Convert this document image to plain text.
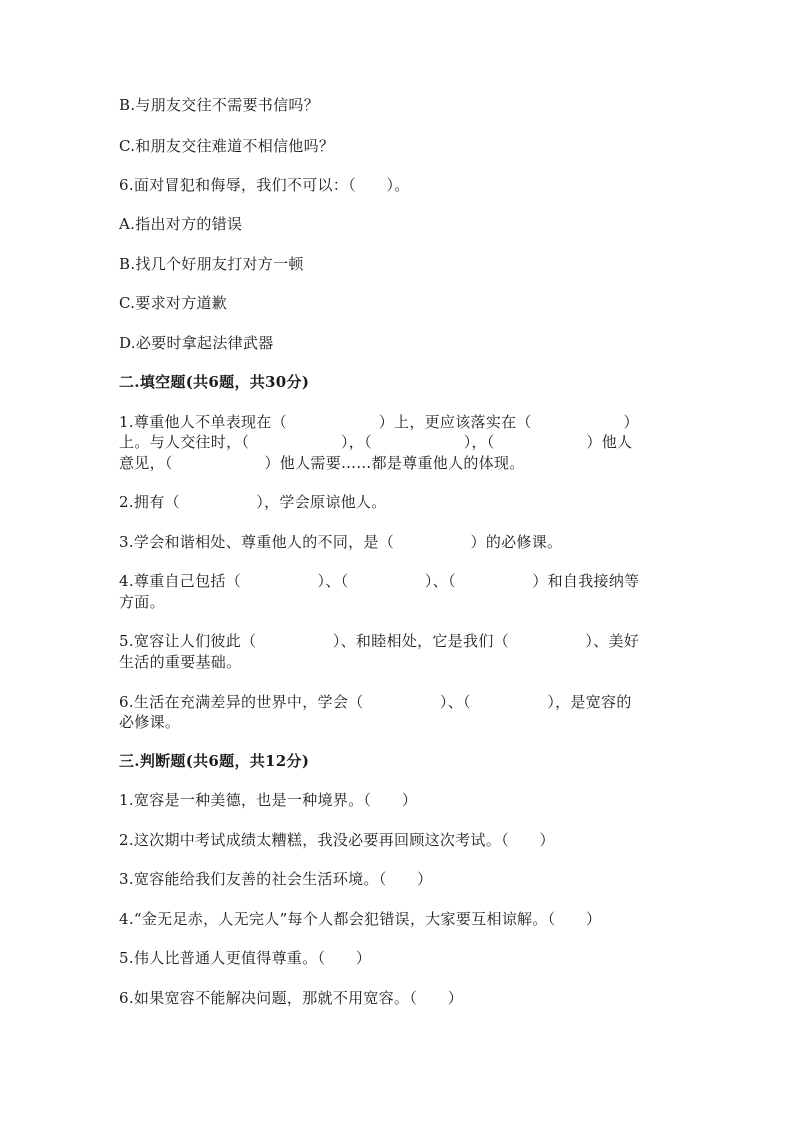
B.与朋友交往不需要书信吗？
C.和朋友交往难道不相信他吗？
6.面对冒犯和侮辱，我们不可以：（　　）。
A.指出对方的错误
B.找几个好朋友打对方一顿
C.要求对方道歉
D.必要时拿起法律武器
二.填空题(共6题，共30分)
1.尊重他人不单表现在（　　　　　　）上，更应该落实在（　　　　　　）
上。与人交往时，（　　　　　　），（　　　　　　），（　　　　　　）他人
意见，（　　　　　　）他人需要……都是尊重他人的体现。
2.拥有（　　　　　），学会原谅他人。
3.学会和谐相处、尊重他人的不同，是（　　　　　）的必修课。
4.尊重自己包括（　　　　　）、（　　　　　）、（　　　　　）和自我接纳等
方面。
5.宽容让人们彼此（　　　　　）、和睦相处，它是我们（　　　　　）、美好
生活的重要基础。
6.生活在充满差异的世界中，学会（　　　　　）、（　　　　　），是宽容的
必修课。
三.判断题(共6题，共12分)
1.宽容是一种美德，也是一种境界。（　　）
2.这次期中考试成绩太糟糕，我没必要再回顾这次考试。（　　）
3.宽容能给我们友善的社会生活环境。（　　）
4.“金无足赤，人无完人”每个人都会犯错误，大家要互相谅解。（　　）
5.伟人比普通人更值得尊重。（　　）
6.如果宽容不能解决问题，那就不用宽容。（　　）
